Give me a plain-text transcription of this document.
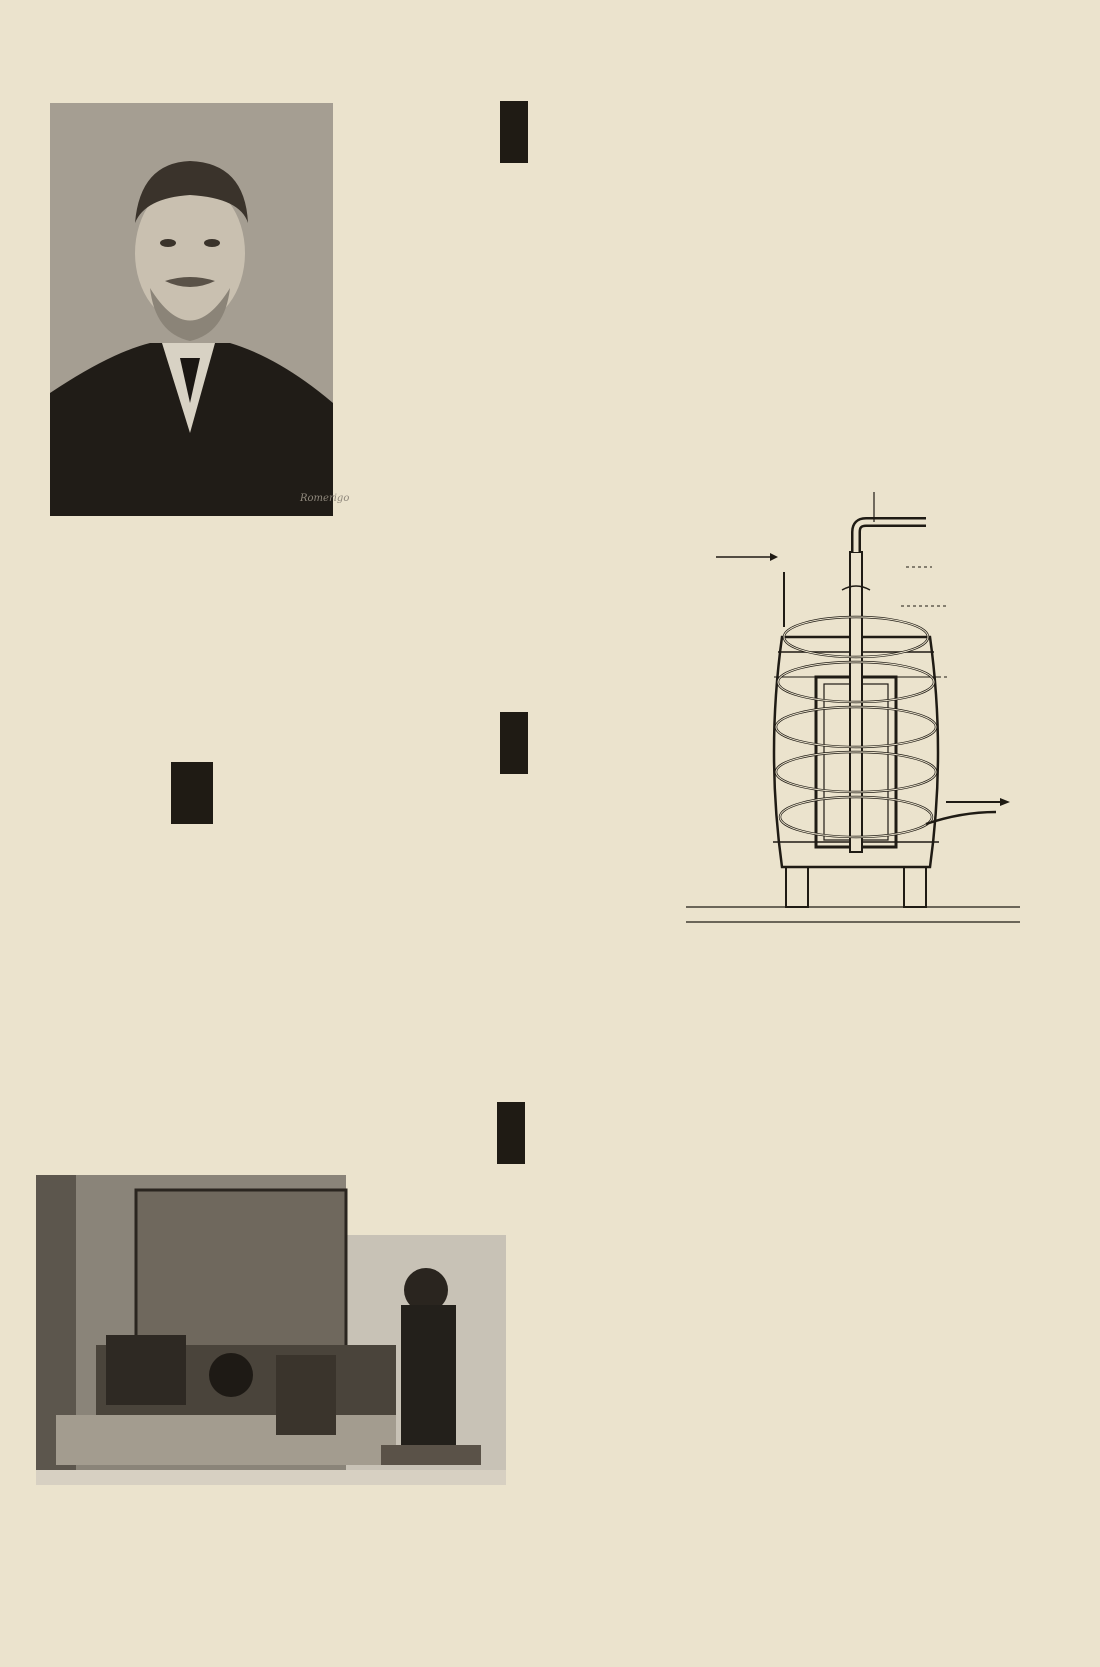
Romerigo
